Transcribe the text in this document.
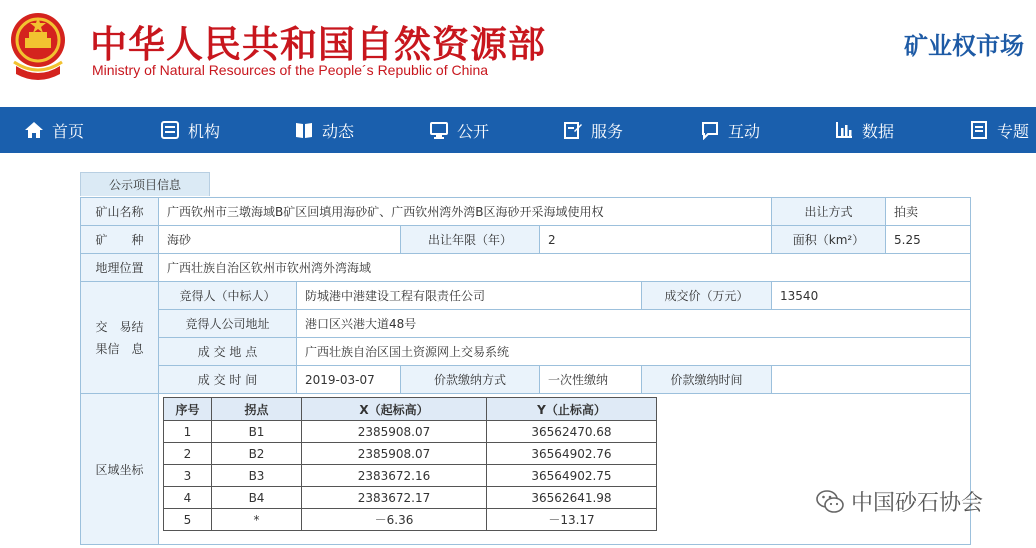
中华人民共和国自然资源部
Ministry of Natural Resources of the People´s Republic of China
矿业权市场
首页	机构	动态	公开	服务	互动	数据	专题
公示项目信息
矿山名称	广西钦州市三墩海域B矿区回填用海砂矿、广西钦州湾外湾B区海砂开采海域使用权	出让方式	拍卖
矿　　种	海砂	出让年限（年）	2	面积（km²）	5.25
地理位置	广西壮族自治区钦州市钦州湾外湾海域
交　易结　果信　息	竞得人（中标人）	防城港中港建设工程有限责任公司	成交价（万元）	13540
竞得人公司地址	港口区兴港大道48号
成 交 地 点	广西壮族自治区国土资源网上交易系统
成 交 时 间	2019-03-07	价款缴纳方式	一次性缴纳	价款缴纳时间	
区域坐标	
序号	拐点	X（起标高）	Y（止标高）
1	B1	2385908.07	36562470.68
2	B2	2385908.07	36564902.76
3	B3	2383672.16	36564902.75
4	B4	2383672.17	36562641.98
5	*	－6.36	－13.17
中国砂石协会
